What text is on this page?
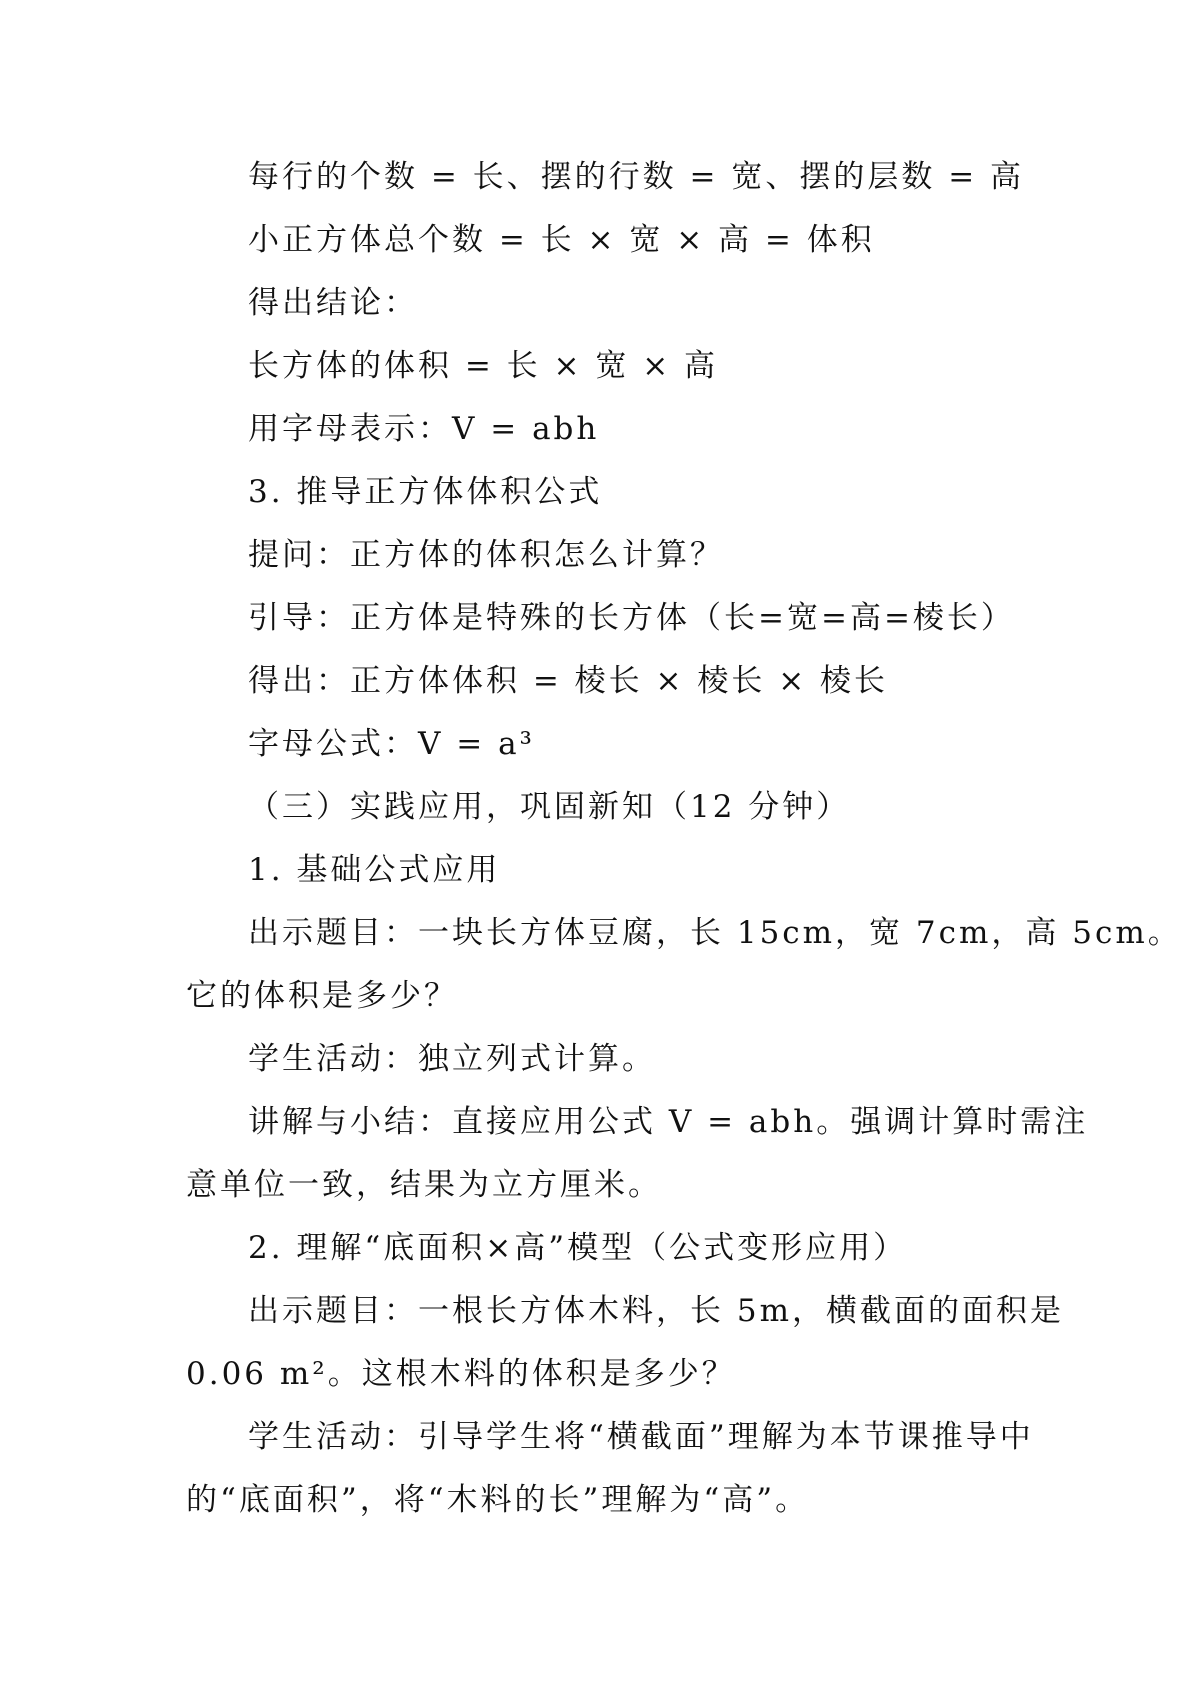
每行的个数 = 长、摆的行数 = 宽、摆的层数 = 高
小正方体总个数 = 长 × 宽 × 高 = 体积
得出结论：
长方体的体积 = 长 × 宽 × 高
用字母表示：V = abh
3. 推导正方体体积公式
提问：正方体的体积怎么计算？
引导：正方体是特殊的长方体（长=宽=高=棱长）
得出：正方体体积 = 棱长 × 棱长 × 棱长
字母公式：V = a³
（三）实践应用，巩固新知（12 分钟）
1. 基础公式应用
出示题目：一块长方体豆腐，长 15cm，宽 7cm，高 5cm。
它的体积是多少？
学生活动：独立列式计算。
讲解与小结：直接应用公式 V = abh。强调计算时需注
意单位一致，结果为立方厘米。
2. 理解“底面积×高”模型（公式变形应用）
出示题目：一根长方体木料，长 5m，横截面的面积是
0.06 m²。这根木料的体积是多少？
学生活动：引导学生将“横截面”理解为本节课推导中
的“底面积”，将“木料的长”理解为“高”。
